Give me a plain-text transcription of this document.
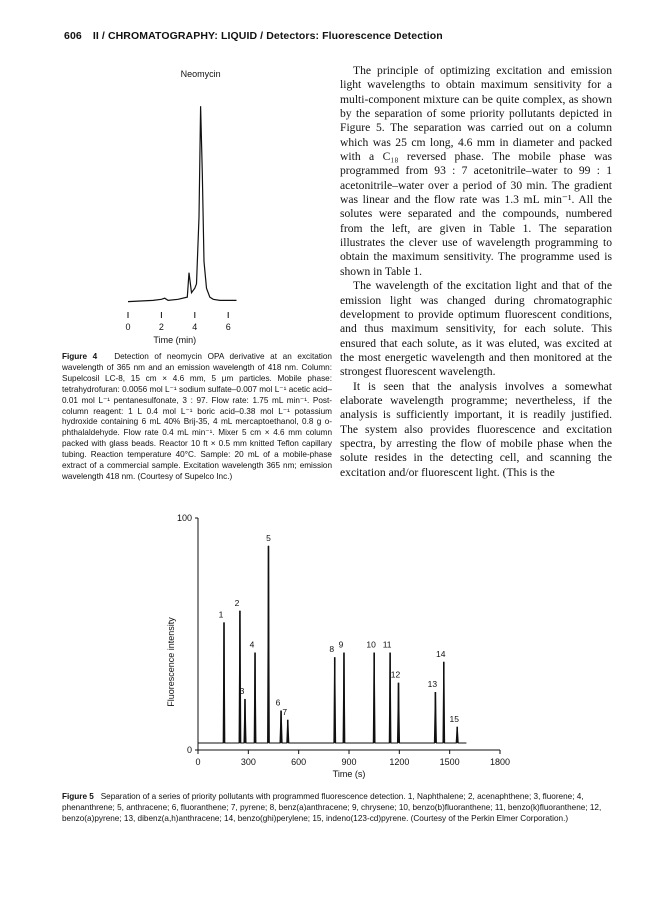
606 II / CHROMATOGRAPHY: LIQUID / Detectors: Fluorescence Detection
Neomycin
0	2	4	6
Time (min)
Figure 4 Detection of neomycin OPA derivative at an excitation wavelength of 365 nm and an emission wavelength of 418 nm. Column: Supelcosil LC-8, 15 cm × 4.6 mm, 5 μm particles. Mobile phase: tetrahydrofuran: 0.0056 mol L⁻¹ sodium sulfate–0.007 mol L⁻¹ acetic acid–0.01 mol L⁻¹ pentanesulfonate, 3 : 97. Flow rate: 1.75 mL min⁻¹. Post-column reagent: 1 L 0.4 mol L⁻¹ boric acid–0.38 mol L⁻¹ potassium hydroxide containing 6 mL 40% Brij-35, 4 mL mercaptoethanol, 0.8 g o-phthalaldehyde. Flow rate 0.4 mL min⁻¹. Mixer 5 cm × 4.6 mm column packed with glass beads. Reactor 10 ft × 0.5 mm knitted Teflon capillary tubing. Reaction temperature 40°C. Sample: 20 mL of a mobile-phase extract of a commercial sample. Excitation wavelength 365 nm; emission wavelength 418 nm. (Courtesy of Supelco Inc.)

The principle of optimizing excitation and emission light wavelengths to obtain maximum sensitivity for a multi-component mixture can be quite complex, as shown by the separation of some priority pollutants depicted in Figure 5. The separation was carried out on a column which was 25 cm long, 4.6 mm in diameter and packed with a C₁₈ reversed phase. The mobile phase was programmed from 93 : 7 acetonitrile–water to 99 : 1 acetonitrile–water over a period of 30 min. The gradient was linear and the flow rate was 1.3 mL min⁻¹. All the solutes were separated and the compounds, numbered from the left, are given in Table 1. The separation illustrates the clever use of wavelength programming to obtain the maximum sensitivity. The programme used is shown in Table 1.

The wavelength of the excitation light and that of the emission light was changed during chromatographic development to provide optimum fluorescent conditions, and thus maximum sensitivity, for each solute. This ensured that each solute, as it was eluted, was excited at the most energetic wavelength and then monitored at the strongest fluorescent wavelength.

It is seen that the analysis involves a somewhat elaborate wavelength programme; nevertheless, if the analysis is sufficiently important, it is readily justified. The system also provides fluorescence and excitation spectra, by arresting the flow of mobile phase when the solute resides in the detecting cell, and scanning the excitation and/or fluorescent light. (This is the

0
100
Fluorescence intensity
0	300	600	900	1200	1500	1800
Time (s)
1
2
3
4
5
6
7
8 9	10 11
12
13
14
15
Figure 5 Separation of a series of priority pollutants with programmed fluorescence detection. 1, Naphthalene; 2, acenaphthene; 3, fluorene; 4, phenanthrene; 5, anthracene; 6, fluoranthene; 7, pyrene; 8, benz(a)anthracene; 9, chrysene; 10, benzo(b)fluoranthene; 11, benzo(k)fluoranthene; 12, benzo(a)pyrene; 13, dibenz(a,h)anthracene; 14, benzo(ghi)perylene; 15, indeno(123-cd)pyrene. (Courtesy of the Perkin Elmer Corporation.)
